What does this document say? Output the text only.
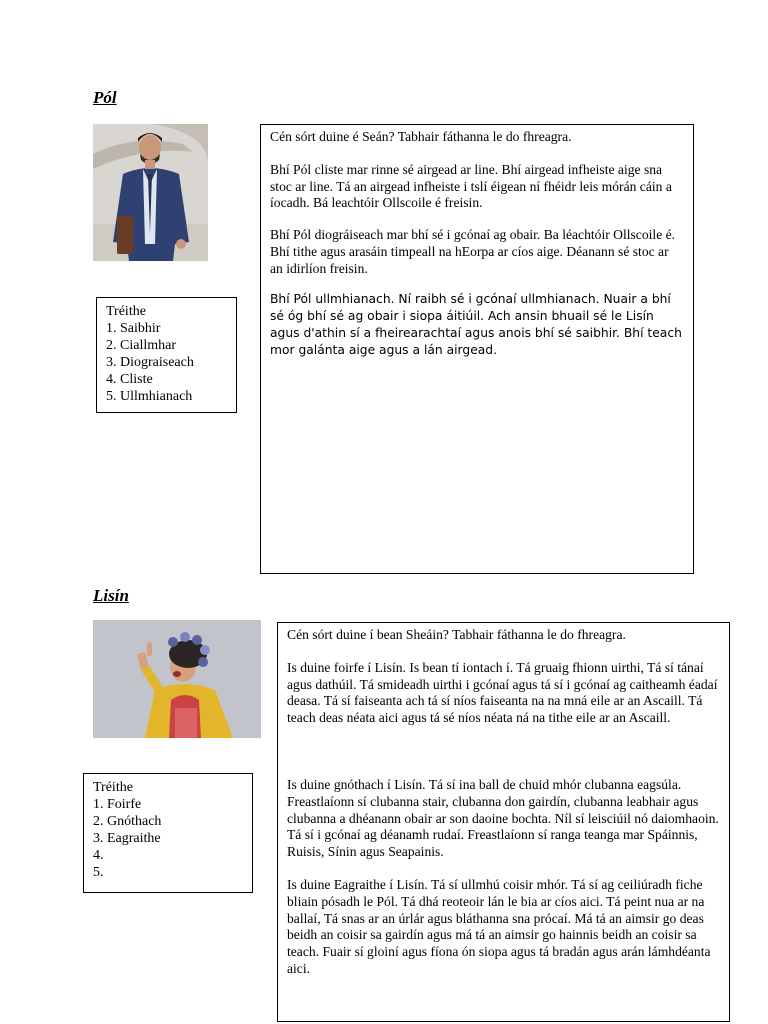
Pól
Tréithe
1. Saibhir
2. Ciallmhar
3. Diograiseach
4. Cliste
5. Ullmhianach

Cén sórt duine é Seán? Tabhair fáthanna le do fhreagra.

Bhí Pól cliste mar rinne sé airgead ar line. Bhí airgead infheiste aige sna stoc ar line. Tá an airgead infheiste i tslí éigean ní fhéidr leis mórán cáin a íocadh. Bá leachtóir Ollscoile é freisin.

Bhí Pól diográiseach mar bhí sé i gcónaí ag obair. Ba léachtóir Ollscoile é. Bhí tithe agus arasáin timpeall na hEorpa ar cíos aige. Déanann sé stoc ar an idirlíon freisin.

Bhí Pól ullmhianach. Ní raibh sé i gcónaí ullmhianach. Nuair a bhí sé óg bhí sé ag obair i siopa áitiúil. Ach ansin bhuail sé le Lisín agus d'athin sí a fheirearachtaí agus anois bhí sé saibhir. Bhí teach mor galánta aige agus a lán airgead.

Lisín
Tréithe
1. Foirfe
2. Gnóthach
3. Eagraithe
4.
5.

Cén sórt duine í bean Sheáin? Tabhair fáthanna le do fhreagra.

Is duine foirfe í Lisín. Is bean tí iontach í. Tá gruaig fhionn uirthi, Tá sí tánaí agus dathúil. Tá smideadh uirthi i gcónaí agus tá sí i gcónaí ag caitheamh éadaí deasa. Tá sí faiseanta ach tá sí níos faiseanta na na mná eile ar an Ascaill. Tá teach deas néata aici agus tá sé níos néata ná na tithe eile ar an Ascaill.

Is duine gnóthach í Lisín. Tá sí ina ball de chuid mhór clubanna eagsúla. Freastlaíonn sí clubanna stair, clubanna don gairdín, clubanna leabhair agus clubanna a dhéanann obair ar son daoine bochta. Níl sí leisciúil nó daiomhaoin. Tá sí i gcónaí ag déanamh rudaí. Freastlaíonn sí ranga teanga mar Spáinnis, Ruisis, Sínin agus Seapainis.

Is duine Eagraithe í Lisín. Tá sí ullmhú coisir mhór. Tá sí ag ceiliúradh fiche bliain pósadh le Pól. Tá dhá reoteoir lán le bia ar cíos aici. Tá peint nua ar na ballaí, Tá snas ar an úrlár agus bláthanna sna prócaí. Má tá an aimsir go deas beidh an coisir sa gairdín agus má tá an aimsir go hainnis beidh an coisir sa teach. Fuair sí gloiní agus fíona ón siopa agus tá bradán agus arán lámhdéanta aici.
